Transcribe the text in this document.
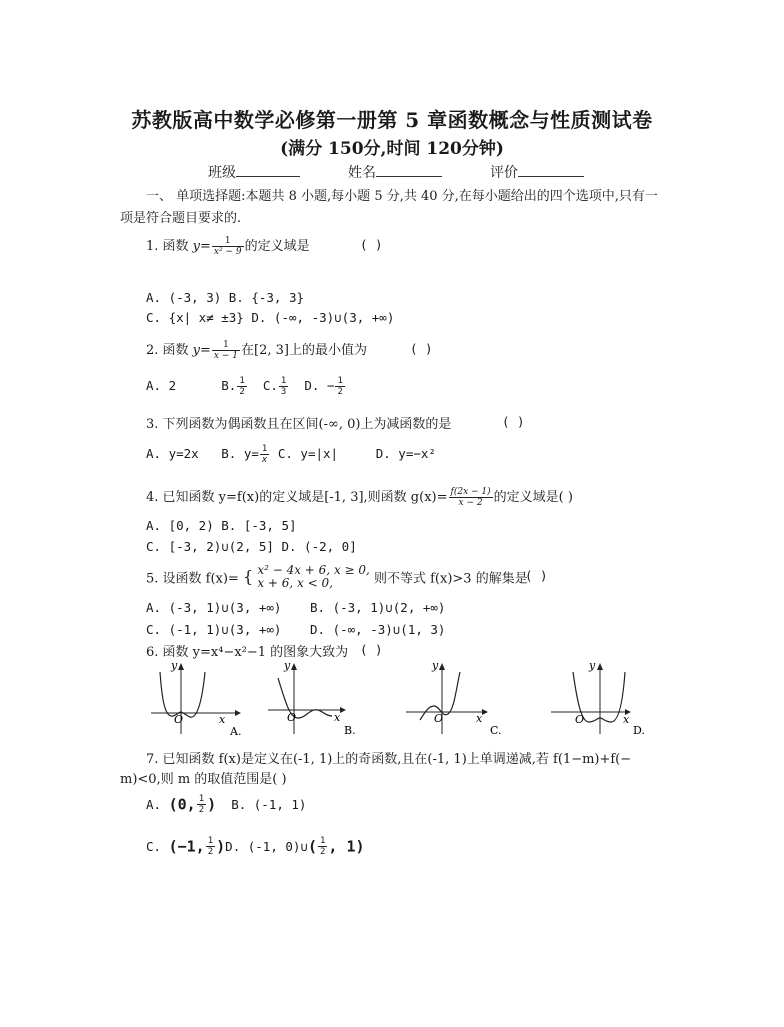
苏教版高中数学必修第一册第 5 章函数概念与性质测试卷
(满分 150分,时间 120分钟)
班级	姓名	评价
一、 单项选择题:本题共 8 小题,每小题 5 分,共 40 分,在每小题给出的四个选项中,只有一项是符合题目要求的.
1. 函数 $y= \frac{1}{\text{x² − 9}}$ 的定义域是	( )
A. (-3, 3) B. {-3, 3}
C. {x| x≠ ±3} D. (-∞, -3)∪(3, +∞)
2. 函数 $y= \frac{1}{x - 1}$ 在[2, 3]上的最小值为	( )
A. 2	B. $\frac{1}{2} C$. $\frac{1}{3} D$. − $\frac{1}{2}$
3. 下列函数为偶函数且在区间(-∞, 0)上为减函数的是	( )
A. y=2x B. $y= \frac{1}{x} C$. y=|x|	D. y=−x²
4. 已知函数 y=f(x)的定义域是[-1, 3],则函数 $g(x)= \frac{f(2x - 1)}{x - 2}$ 的定义域是( )
A. [0, 2) B. [-3, 5]
C. [-3, 2)∪(2, 5] D. (-2, 0]
5. 设函数 f(x)= { x² − 4x + 6, x ≥ 0,
x + 6, x < 0,	则不等式 f(x)>3 的解集是
( )
A. (-3, 1)∪(3, +∞) B. (-3, 1)∪(2, +∞)
C. (-1, 1)∪(3, +∞) D. (-∞, -3)∪(1, 3)
6. 函数 y=x⁴−x²−1 的图象大致为 ( )
y
O	x
A.
y
O	x
B.
y
O	x
C.
y
O	x
D.
7. 已知函数 f(x)是定义在(-1, 1)上的奇函数,且在(-1, 1)上单调递减,若 f(1−m)+f(−
m)<0,则 m 的取值范围是( )
A. (0, $\frac{1}{2}$ ) B. (-1, 1)
C. (−1, $\frac{1}{2} )D$. (-1, 0)∪( $\frac{1}{2}$ , 1)
